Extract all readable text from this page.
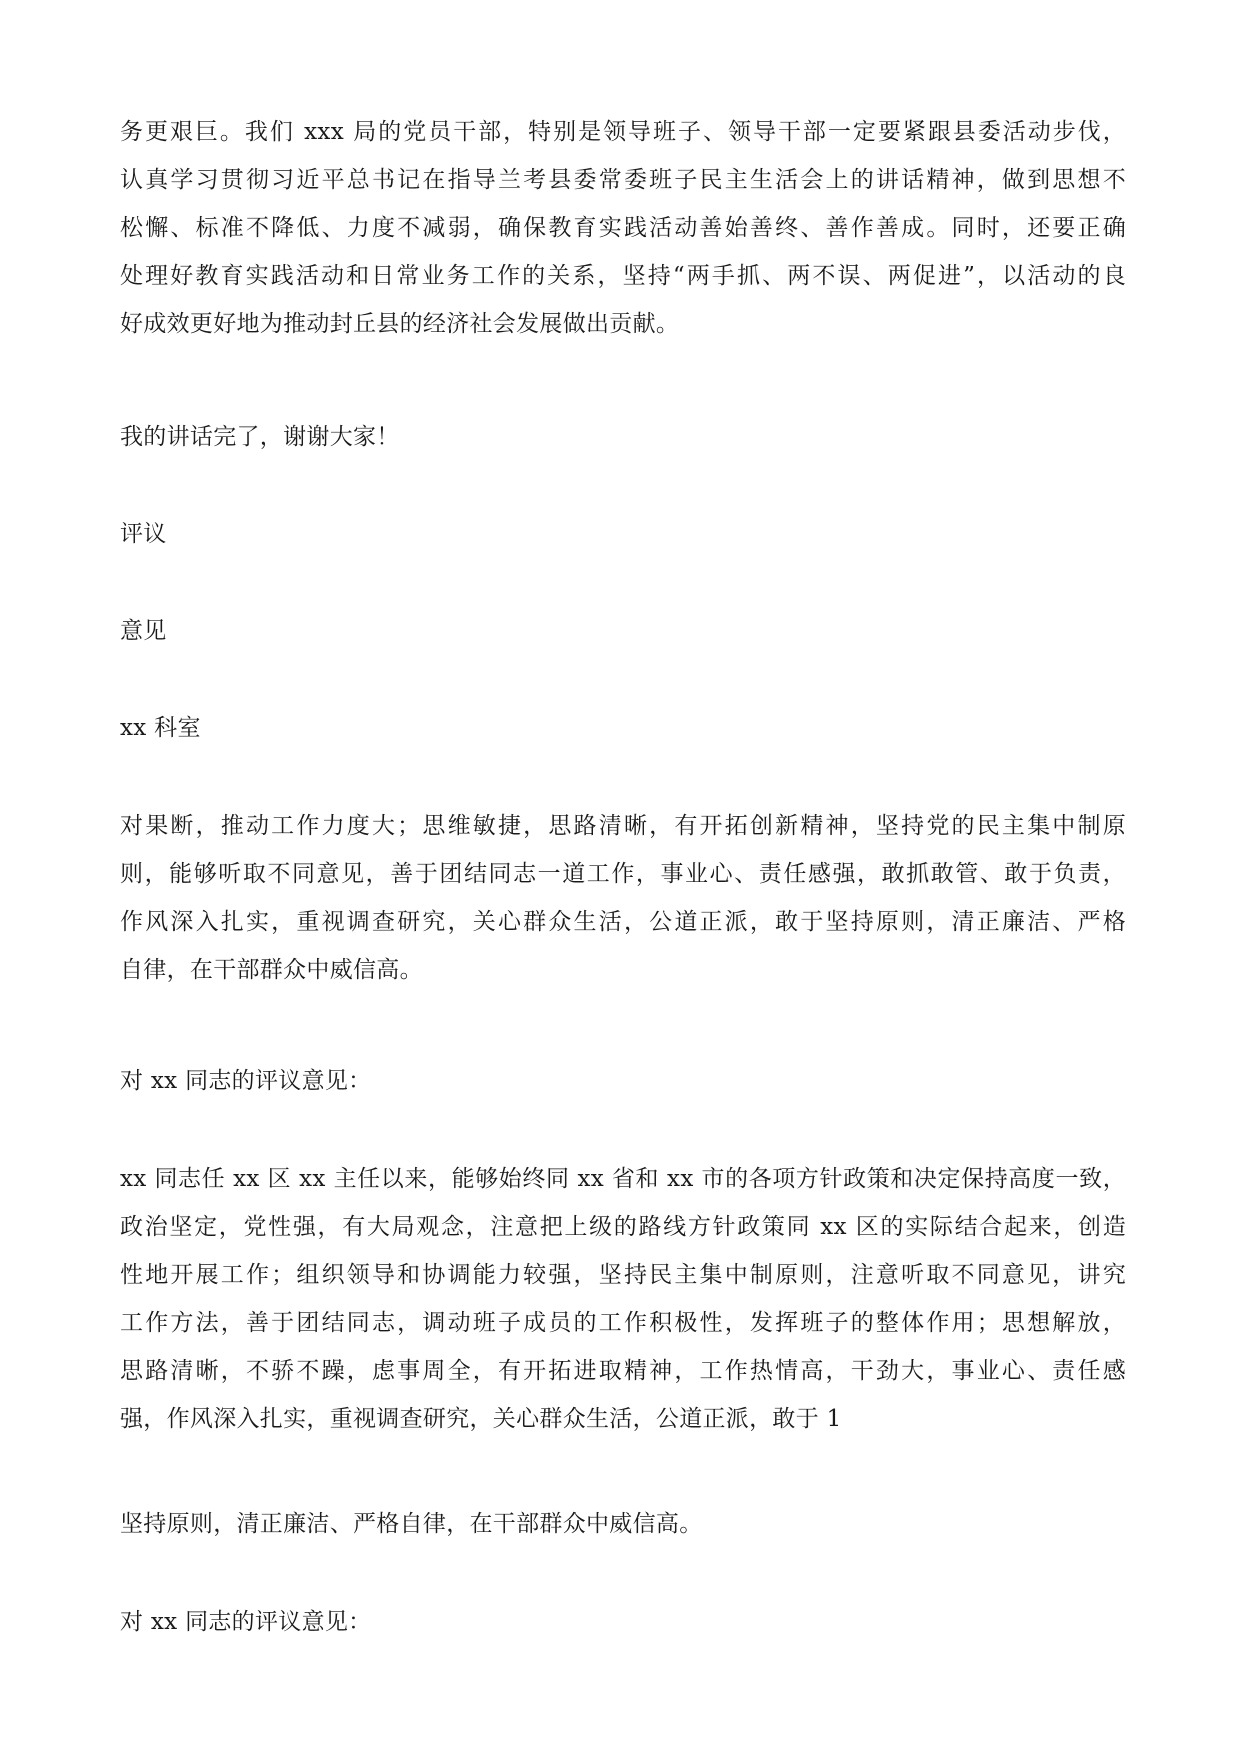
务更艰巨。我们 xxx 局的党员干部，特别是领导班子、领导干部一定要紧跟县委活动步伐，
认真学习贯彻习近平总书记在指导兰考县委常委班子民主生活会上的讲话精神，做到思想不
松懈、标准不降低、力度不减弱，确保教育实践活动善始善终、善作善成。同时，还要正确
处理好教育实践活动和日常业务工作的关系，坚持“两手抓、两不误、两促进”，以活动的良
好成效更好地为推动封丘县的经济社会发展做出贡献。
我的讲话完了，谢谢大家！
评议
意见
xx 科室
对果断，推动工作力度大；思维敏捷，思路清晰，有开拓创新精神，坚持党的民主集中制原
则，能够听取不同意见，善于团结同志一道工作，事业心、责任感强，敢抓敢管、敢于负责，
作风深入扎实，重视调查研究，关心群众生活，公道正派，敢于坚持原则，清正廉洁、严格
自律，在干部群众中威信高。
对 xx 同志的评议意见：
xx 同志任 xx 区 xx 主任以来，能够始终同 xx 省和 xx 市的各项方针政策和决定保持高度一致，
政治坚定，党性强，有大局观念，注意把上级的路线方针政策同 xx 区的实际结合起来，创造
性地开展工作；组织领导和协调能力较强，坚持民主集中制原则，注意听取不同意见，讲究
工作方法，善于团结同志，调动班子成员的工作积极性，发挥班子的整体作用；思想解放，
思路清晰，不骄不躁，虑事周全，有开拓进取精神，工作热情高，干劲大，事业心、责任感
强，作风深入扎实，重视调查研究，关心群众生活，公道正派，敢于 1
坚持原则，清正廉洁、严格自律，在干部群众中威信高。
对 xx 同志的评议意见：
